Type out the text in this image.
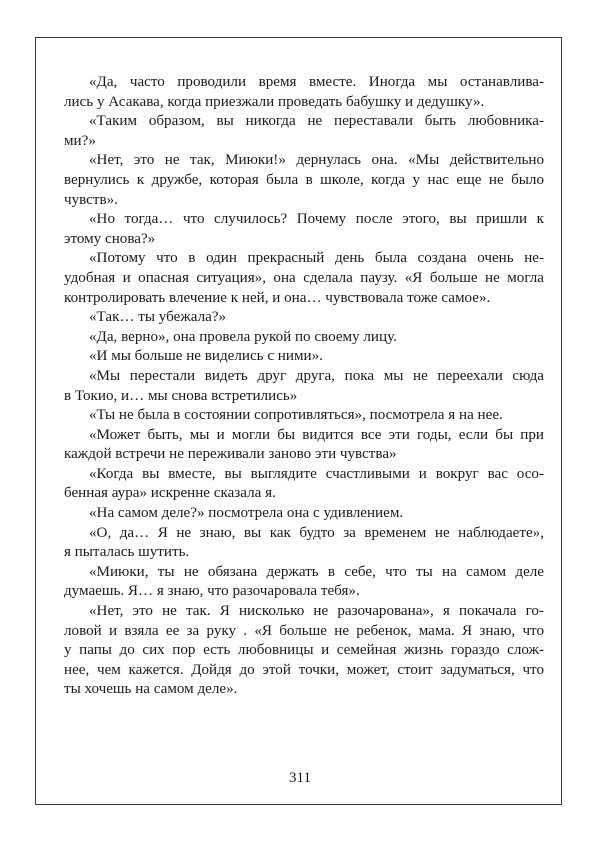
«Да, часто проводили время вместе. Иногда мы останавлива-
лись у Асакава, когда приезжали проведать бабушку и дедушку».
«Таким образом, вы никогда не переставали быть любовника-
ми?»
«Нет, это не так, Миюки!» дернулась она. «Мы действительно
вернулись к дружбе, которая была в школе, когда у нас еще не было
чувств».
«Но тогда… что случилось? Почему после этого, вы пришли к
этому снова?»
«Потому что в один прекрасный день была создана очень не-
удобная и опасная ситуация», она сделала паузу. «Я больше не могла
контролировать влечение к ней, и она… чувствовала тоже самое».
«Так… ты убежала?»
«Да, верно», она провела рукой по своему лицу.
«И мы больше не виделись с ними».
«Мы перестали видеть друг друга, пока мы не переехали сюда
в Токио, и… мы снова встретились»
«Ты не была в состоянии сопротивляться», посмотрела я на нее.
«Может быть, мы и могли бы видится все эти годы, если бы при
каждой встречи не переживали заново эти чувства»
«Когда вы вместе, вы выглядите счастливыми и вокруг вас осо-
бенная аура» искренне сказала я.
«На самом деле?» посмотрела она с удивлением.
«О, да… Я не знаю, вы как будто за временем не наблюдаете»,
я пыталась шутить.
«Миюки, ты не обязана держать в себе, что ты на самом деле
думаешь. Я… я знаю, что разочаровала тебя».
«Нет, это не так. Я нисколько не разочарована», я покачала го-
ловой и взяла ее за руку . «Я больше не ребенок, мама. Я знаю, что
у папы до сих пор есть любовницы и семейная жизнь гораздо слож-
нее, чем кажется. Дойдя до этой точки, может, стоит задуматься, что
ты хочешь на самом деле».
311
